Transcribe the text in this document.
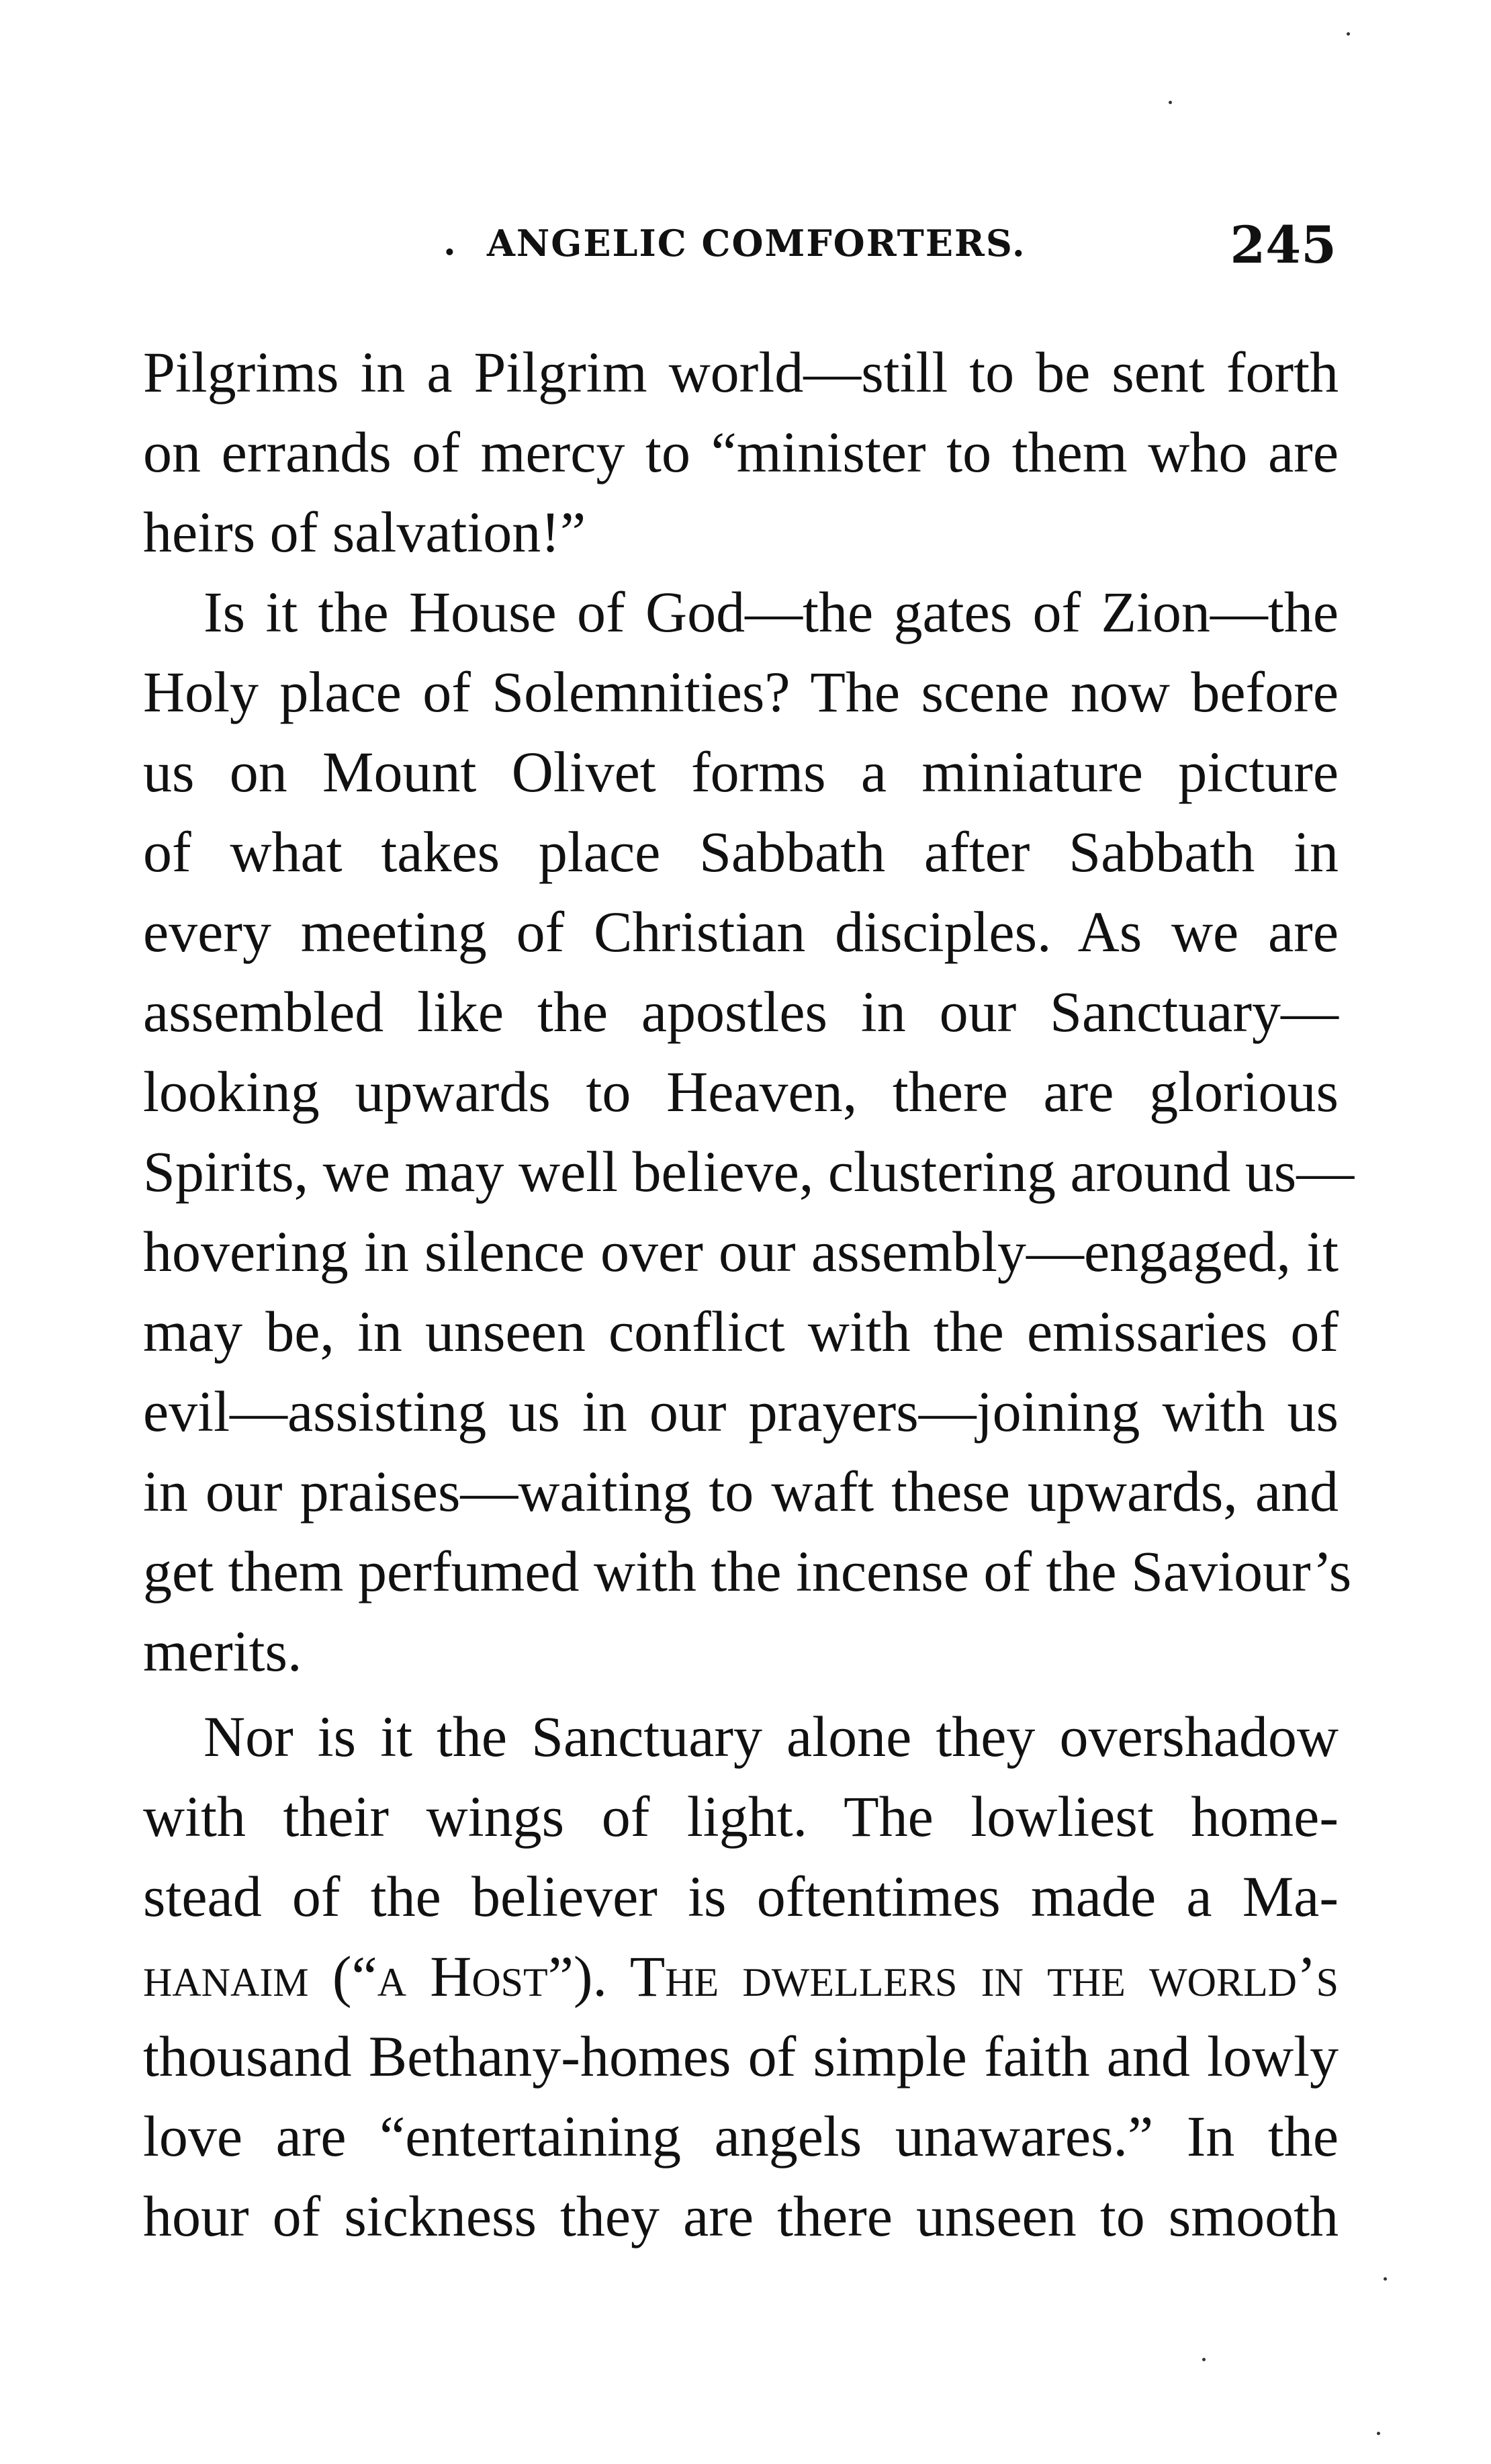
. ANGELIC COMFORTERS.	245
Pilgrims in a Pilgrim world—still to be sent forth
on errands of mercy to “minister to them who are
heirs of salvation!”
Is it the House of God—the gates of Zion—the
Holy place of Solemnities? The scene now before
us on Mount Olivet forms a miniature picture
of what takes place Sabbath after Sabbath in
every meeting of Christian disciples. As we are
assembled like the apostles in our Sanctuary—
looking upwards to Heaven, there are glorious
Spirits, we may well believe, clustering around us—
hovering in silence over our assembly—engaged, it
may be, in unseen conflict with the emissaries of
evil—assisting us in our prayers—joining with us
in our praises—waiting to waft these upwards, and
get them perfumed with the incense of the Saviour’s
merits.
Nor is it the Sanctuary alone they overshadow
with their wings of light. The lowliest home-
stead of the believer is oftentimes made a Ma-
hanaim (“a Host”). The dwellers in the world’s
thousand Bethany-homes of simple faith and lowly
love are “entertaining angels unawares.” In the
hour of sickness they are there unseen to smooth
